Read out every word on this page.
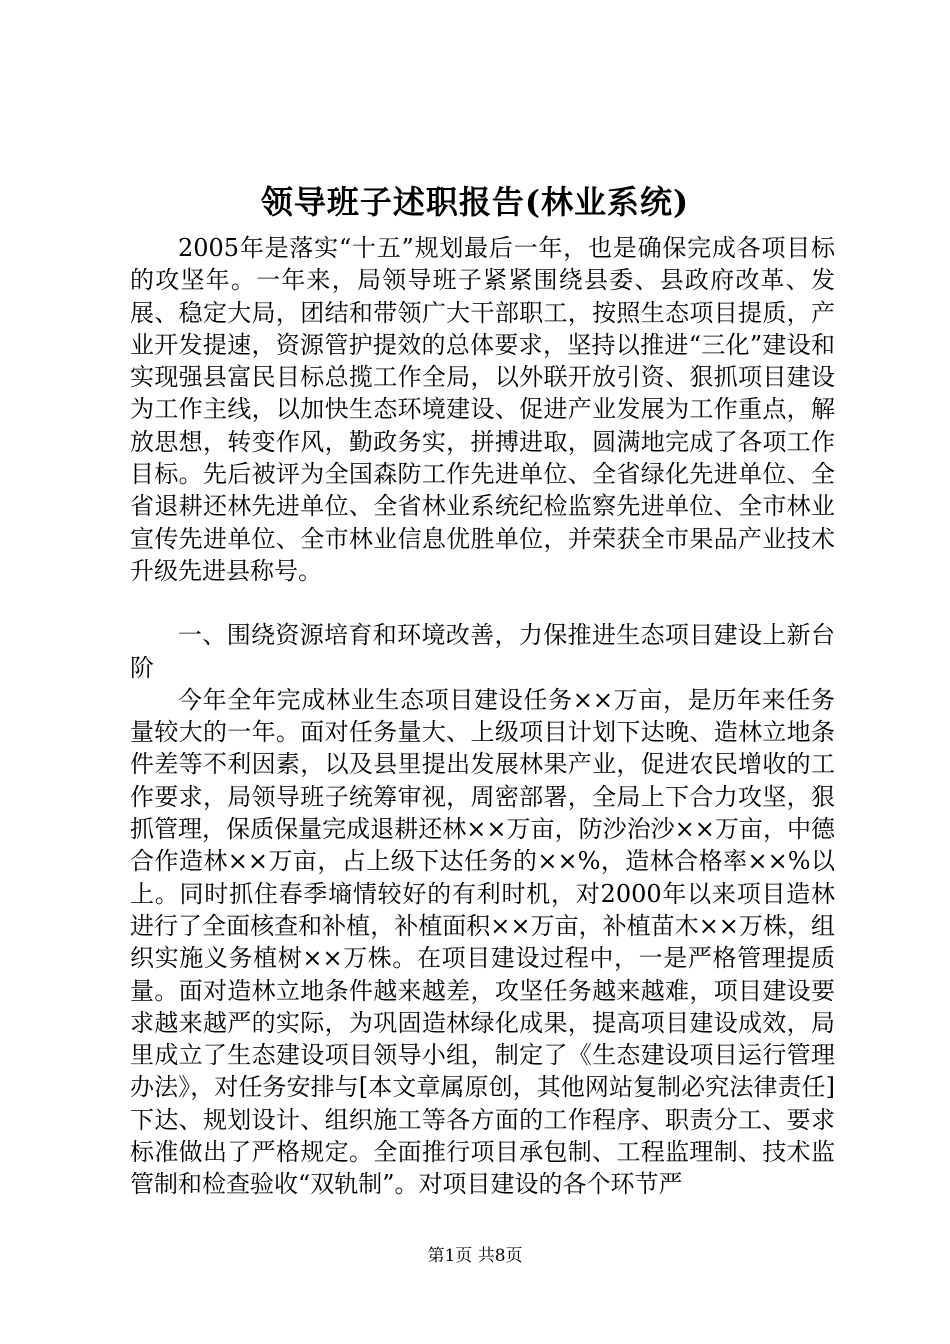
领导班子述职报告(林业系统)

2005年是落实“十五”规划最后一年，也是确保完成各项目标的攻坚年。一年来，局领导班子紧紧围绕县委、县政府改革、发展、稳定大局，团结和带领广大干部职工，按照生态项目提质，产业开发提速，资源管护提效的总体要求，坚持以推进“三化”建设和实现强县富民目标总揽工作全局，以外联开放引资、狠抓项目建设为工作主线，以加快生态环境建设、促进产业发展为工作重点，解放思想，转变作风，勤政务实，拼搏进取，圆满地完成了各项工作目标。先后被评为全国森防工作先进单位、全省绿化先进单位、全省退耕还林先进单位、全省林业系统纪检监察先进单位、全市林业宣传先进单位、全市林业信息优胜单位，并荣获全市果品产业技术升级先进县称号。

一、围绕资源培育和环境改善，力保推进生态项目建设上新台阶

今年全年完成林业生态项目建设任务××万亩，是历年来任务量较大的一年。面对任务量大、上级项目计划下达晚、造林立地条件差等不利因素，以及县里提出发展林果产业，促进农民增收的工作要求，局领导班子统筹审视，周密部署，全局上下合力攻坚，狠抓管理，保质保量完成退耕还林××万亩，防沙治沙××万亩，中德合作造林××万亩，占上级下达任务的××%，造林合格率××%以上。同时抓住春季墒情较好的有利时机，对2000年以来项目造林进行了全面核查和补植，补植面积××万亩，补植苗木××万株，组织实施义务植树××万株。在项目建设过程中，一是严格管理提质量。面对造林立地条件越来越差，攻坚任务越来越难，项目建设要求越来越严的实际，为巩固造林绿化成果，提高项目建设成效，局里成立了生态建设项目领导小组，制定了《生态建设项目运行管理办法》，对任务安排与[本文章属原创，其他网站复制必究法律责任]下达、规划设计、组织施工等各方面的工作程序、职责分工、要求标准做出了严格规定。全面推行项目承包制、工程监理制、技术监管制和检查验收“双轨制”。对项目建设的各个环节严

第1页 共8页
